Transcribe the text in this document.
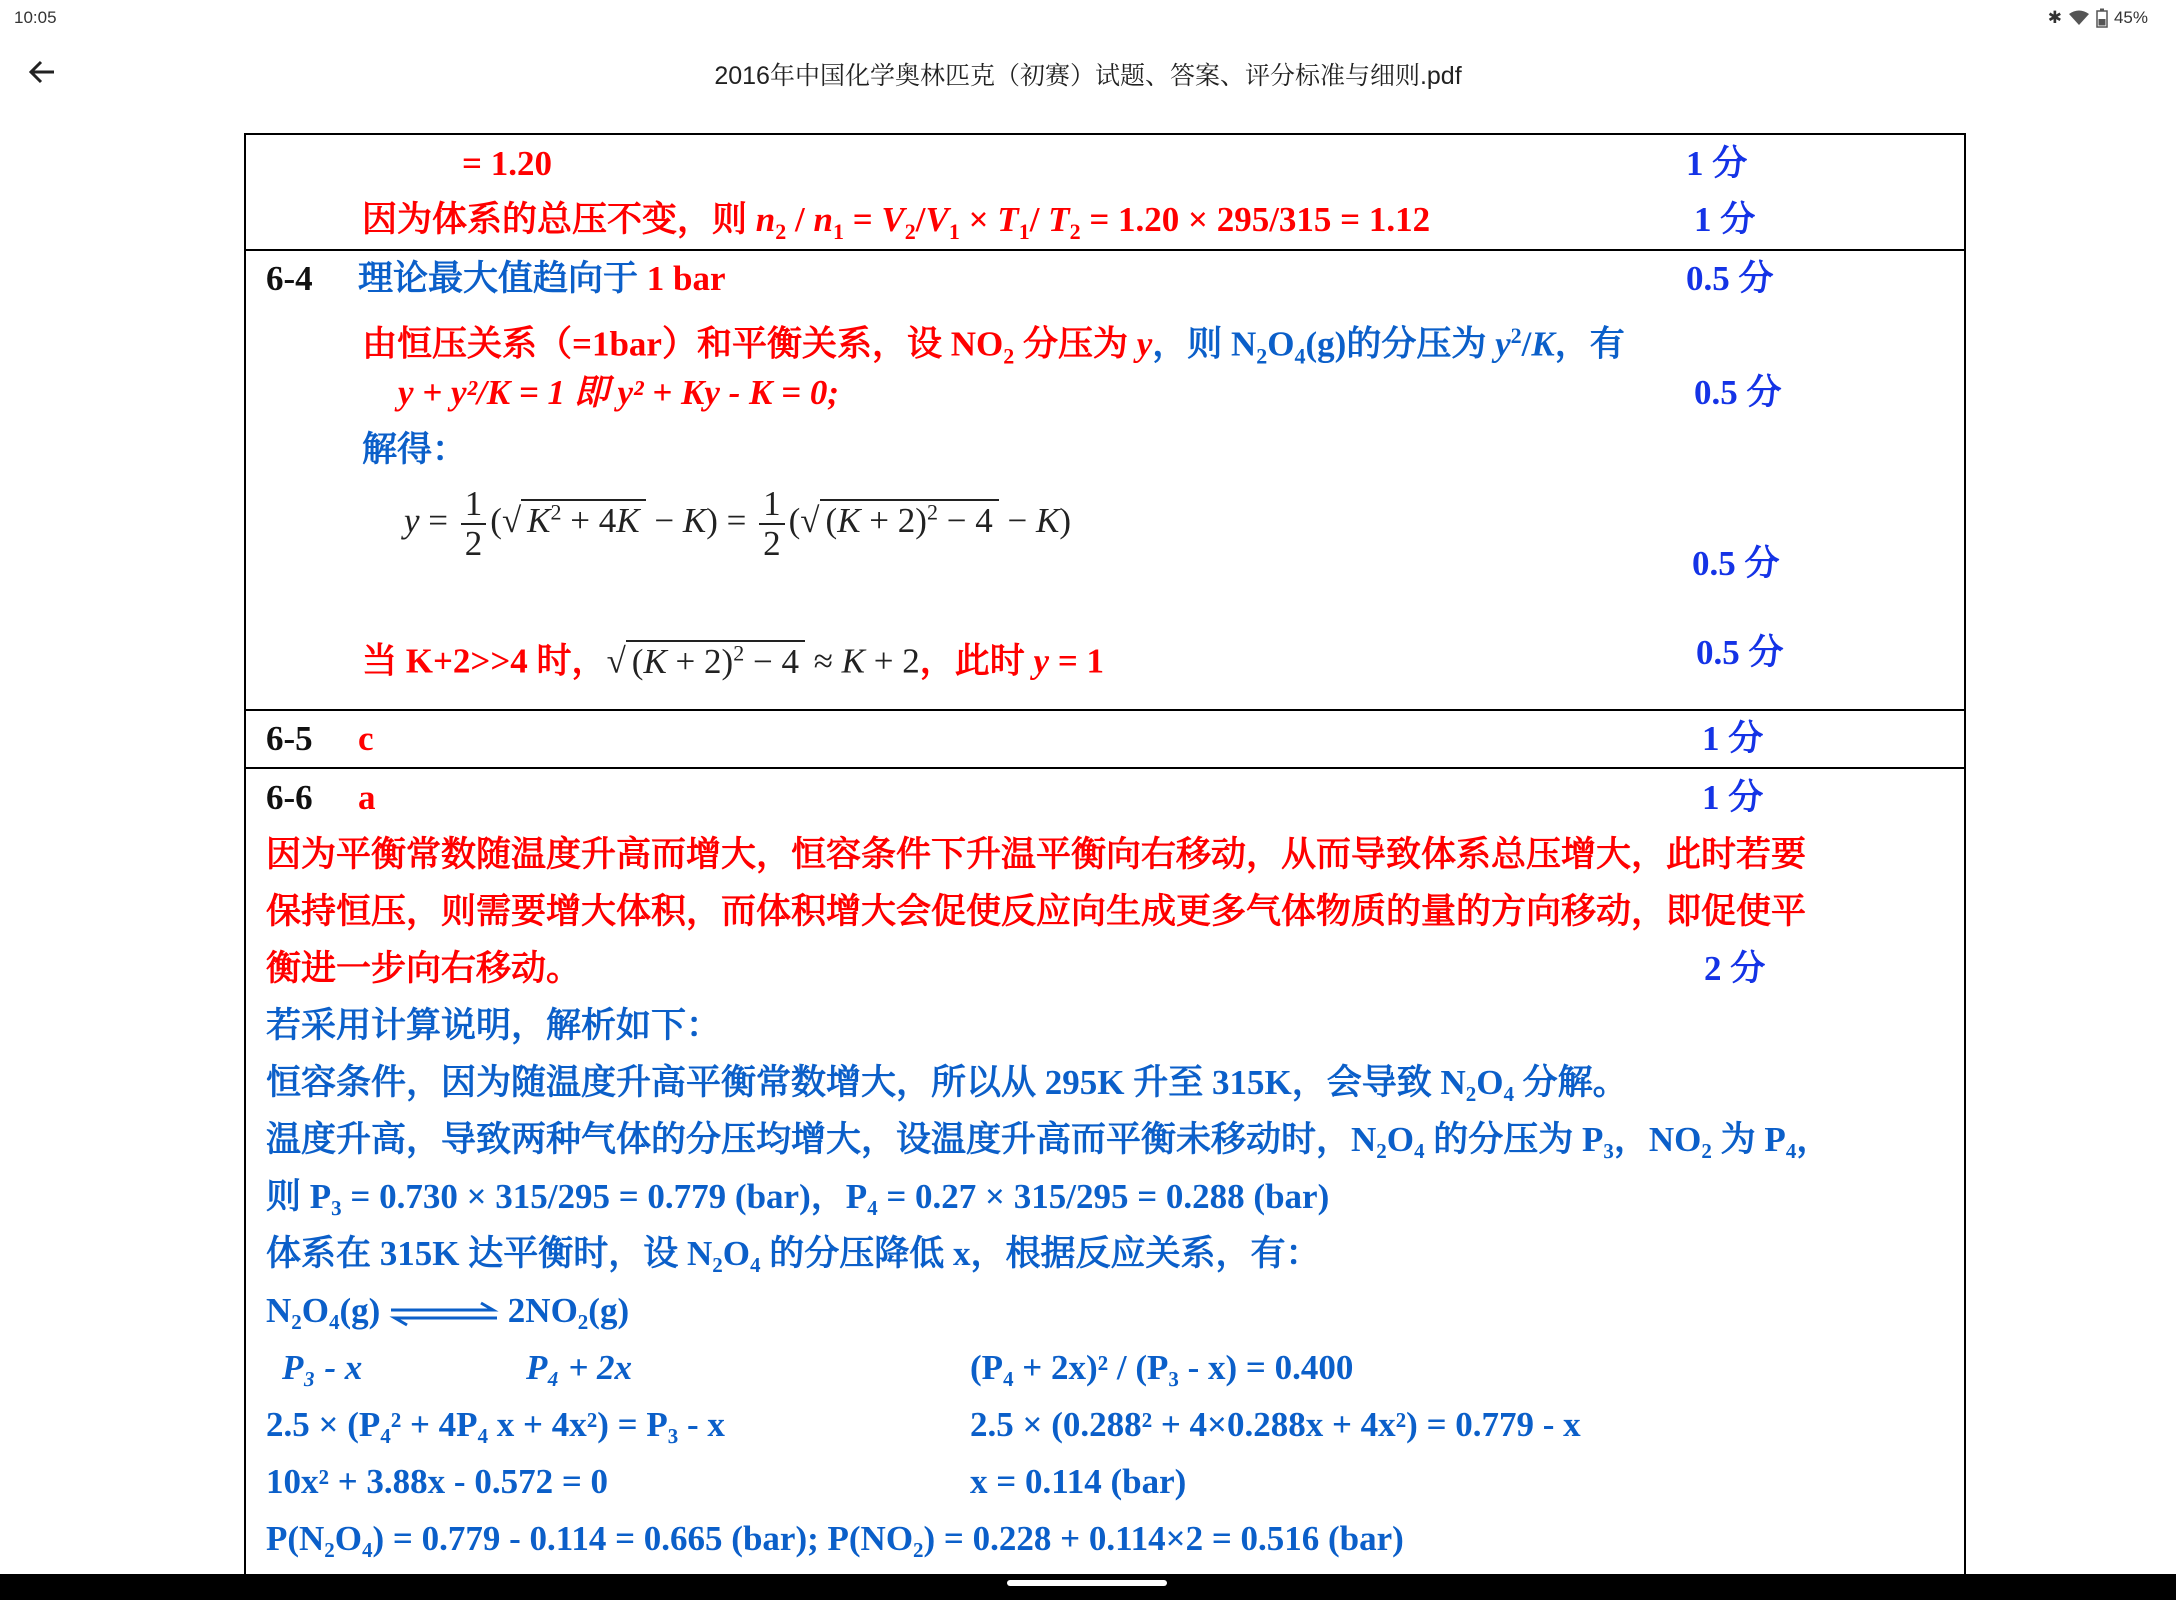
10:05	✱	45%
2016年中国化学奥林匹克（初赛）试题、答案、评分标准与细则.pdf
= 1.20	1 分
因为体系的总压不变，则 $n_2 / n_1 = V_2/V_1 \times T_1/$ $T_2 = 1.20 \times 295/315 = 1.12$	1 分
6-4 理论最大值趋向于 1 bar	0.5 分
由恒压关系（=1bar）和平衡关系，设 $NO_2$ 分压为 y，则 $N_2O_4(g)$的分压为 $y^2/K$，有
y + y²/K = 1 即 y² + Ky - K = 0;	0.5 分
解得：
$y = \frac{1}{2}$ (√ $K^2 + 4K - K) = \frac{1}{2}$ (√ $(K + 2)^2 - 4 - K$)
0.5 分
当 K+2>>4 时，√ $(K + 2)^2 - 4 \approx K + 2$，此时 y = 1	0.5 分
6-5 c	1 分
6-6 a	1 分
因为平衡常数随温度升高而增大，恒容条件下升温平衡向右移动，从而导致体系总压增大，此时若要
保持恒压，则需要增大体积，而体积增大会促使反应向生成更多气体物质的量的方向移动，即促使平
衡进一步向右移动。	2 分
若采用计算说明，解析如下：
恒容条件，因为随温度升高平衡常数增大，所以从 295K 升至 315K，会导致 N₂O₄ 分解。
温度升高，导致两种气体的分压均增大，设温度升高而平衡未移动时，N₂O₄ 的分压为 P₃，NO₂ 为 P₄，
则 P₃ = 0.730 × 315/295 = 0.779 (bar)，P₄ = 0.27 × 315/295 = 0.288 (bar)
体系在 315K 达平衡时，设 N₂O₄ 的分压降低 x，根据反应关系，有：
N₂O₄(g) ⇌ 2NO₂(g)
P₃ - x	P₄ + 2x	(P₄ + 2x)² / (P₃ - x) = 0.400
2.5 × (P₄² + 4P₄ x + 4x²) = P₃ - x	2.5 × (0.288² + 4×0.288x + 4x²) = 0.779 - x
10x² + 3.88x - 0.572 = 0	x = 0.114 (bar)
P(N₂O₄) = 0.779 - 0.114 = 0.665 (bar); P(NO₂) = 0.228 + 0.114×2 = 0.516 (bar)
